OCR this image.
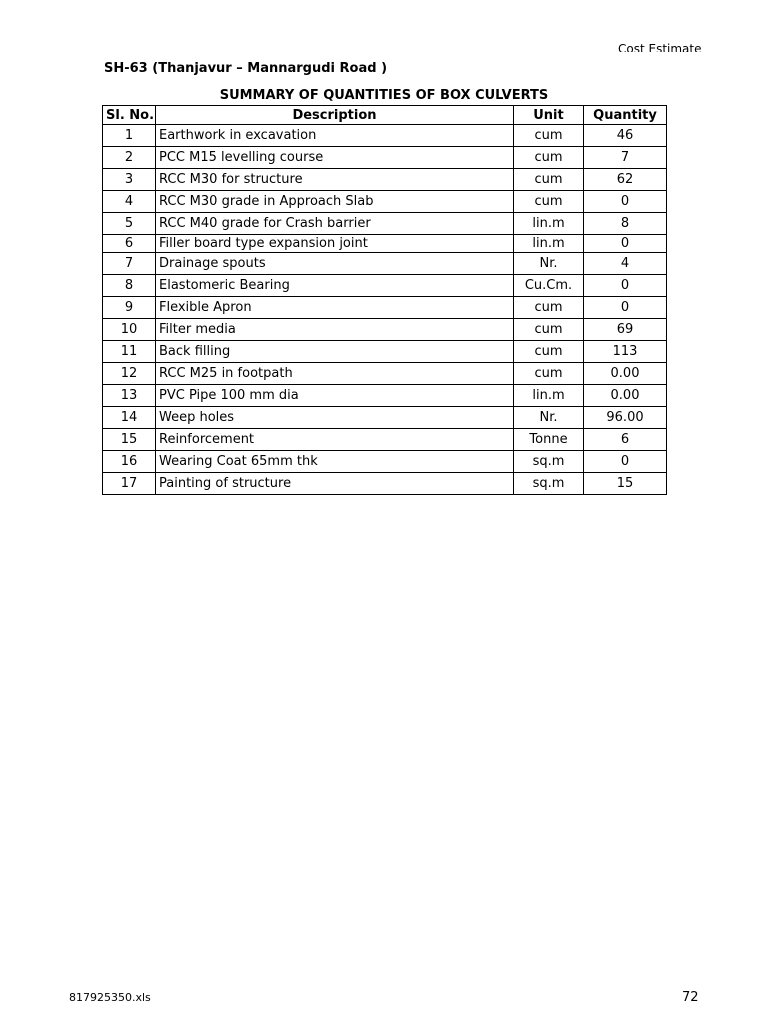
Cost Estimate
SH-63 (Thanjavur – Mannargudi Road )
SUMMARY OF QUANTITIES OF BOX CULVERTS
Sl. No.	Description	Unit	Quantity
1	Earthwork in excavation	cum	46
2	PCC M15 levelling course	cum	7
3	RCC M30 for structure	cum	62
4	RCC M30 grade in Approach Slab	cum	0
5	RCC M40 grade for Crash barrier	lin.m	8
6	Filler board type expansion joint	lin.m	0
7	Drainage spouts	Nr.	4
8	Elastomeric Bearing	Cu.Cm.	0
9	Flexible Apron	cum	0
10	Filter media	cum	69
11	Back filling	cum	113
12	RCC M25 in footpath	cum	0.00
13	PVC Pipe 100 mm dia	lin.m	0.00
14	Weep holes	Nr.	96.00
15	Reinforcement	Tonne	6
16	Wearing Coat 65mm thk	sq.m	0
17	Painting of structure	sq.m	15
817925350.xls	72
